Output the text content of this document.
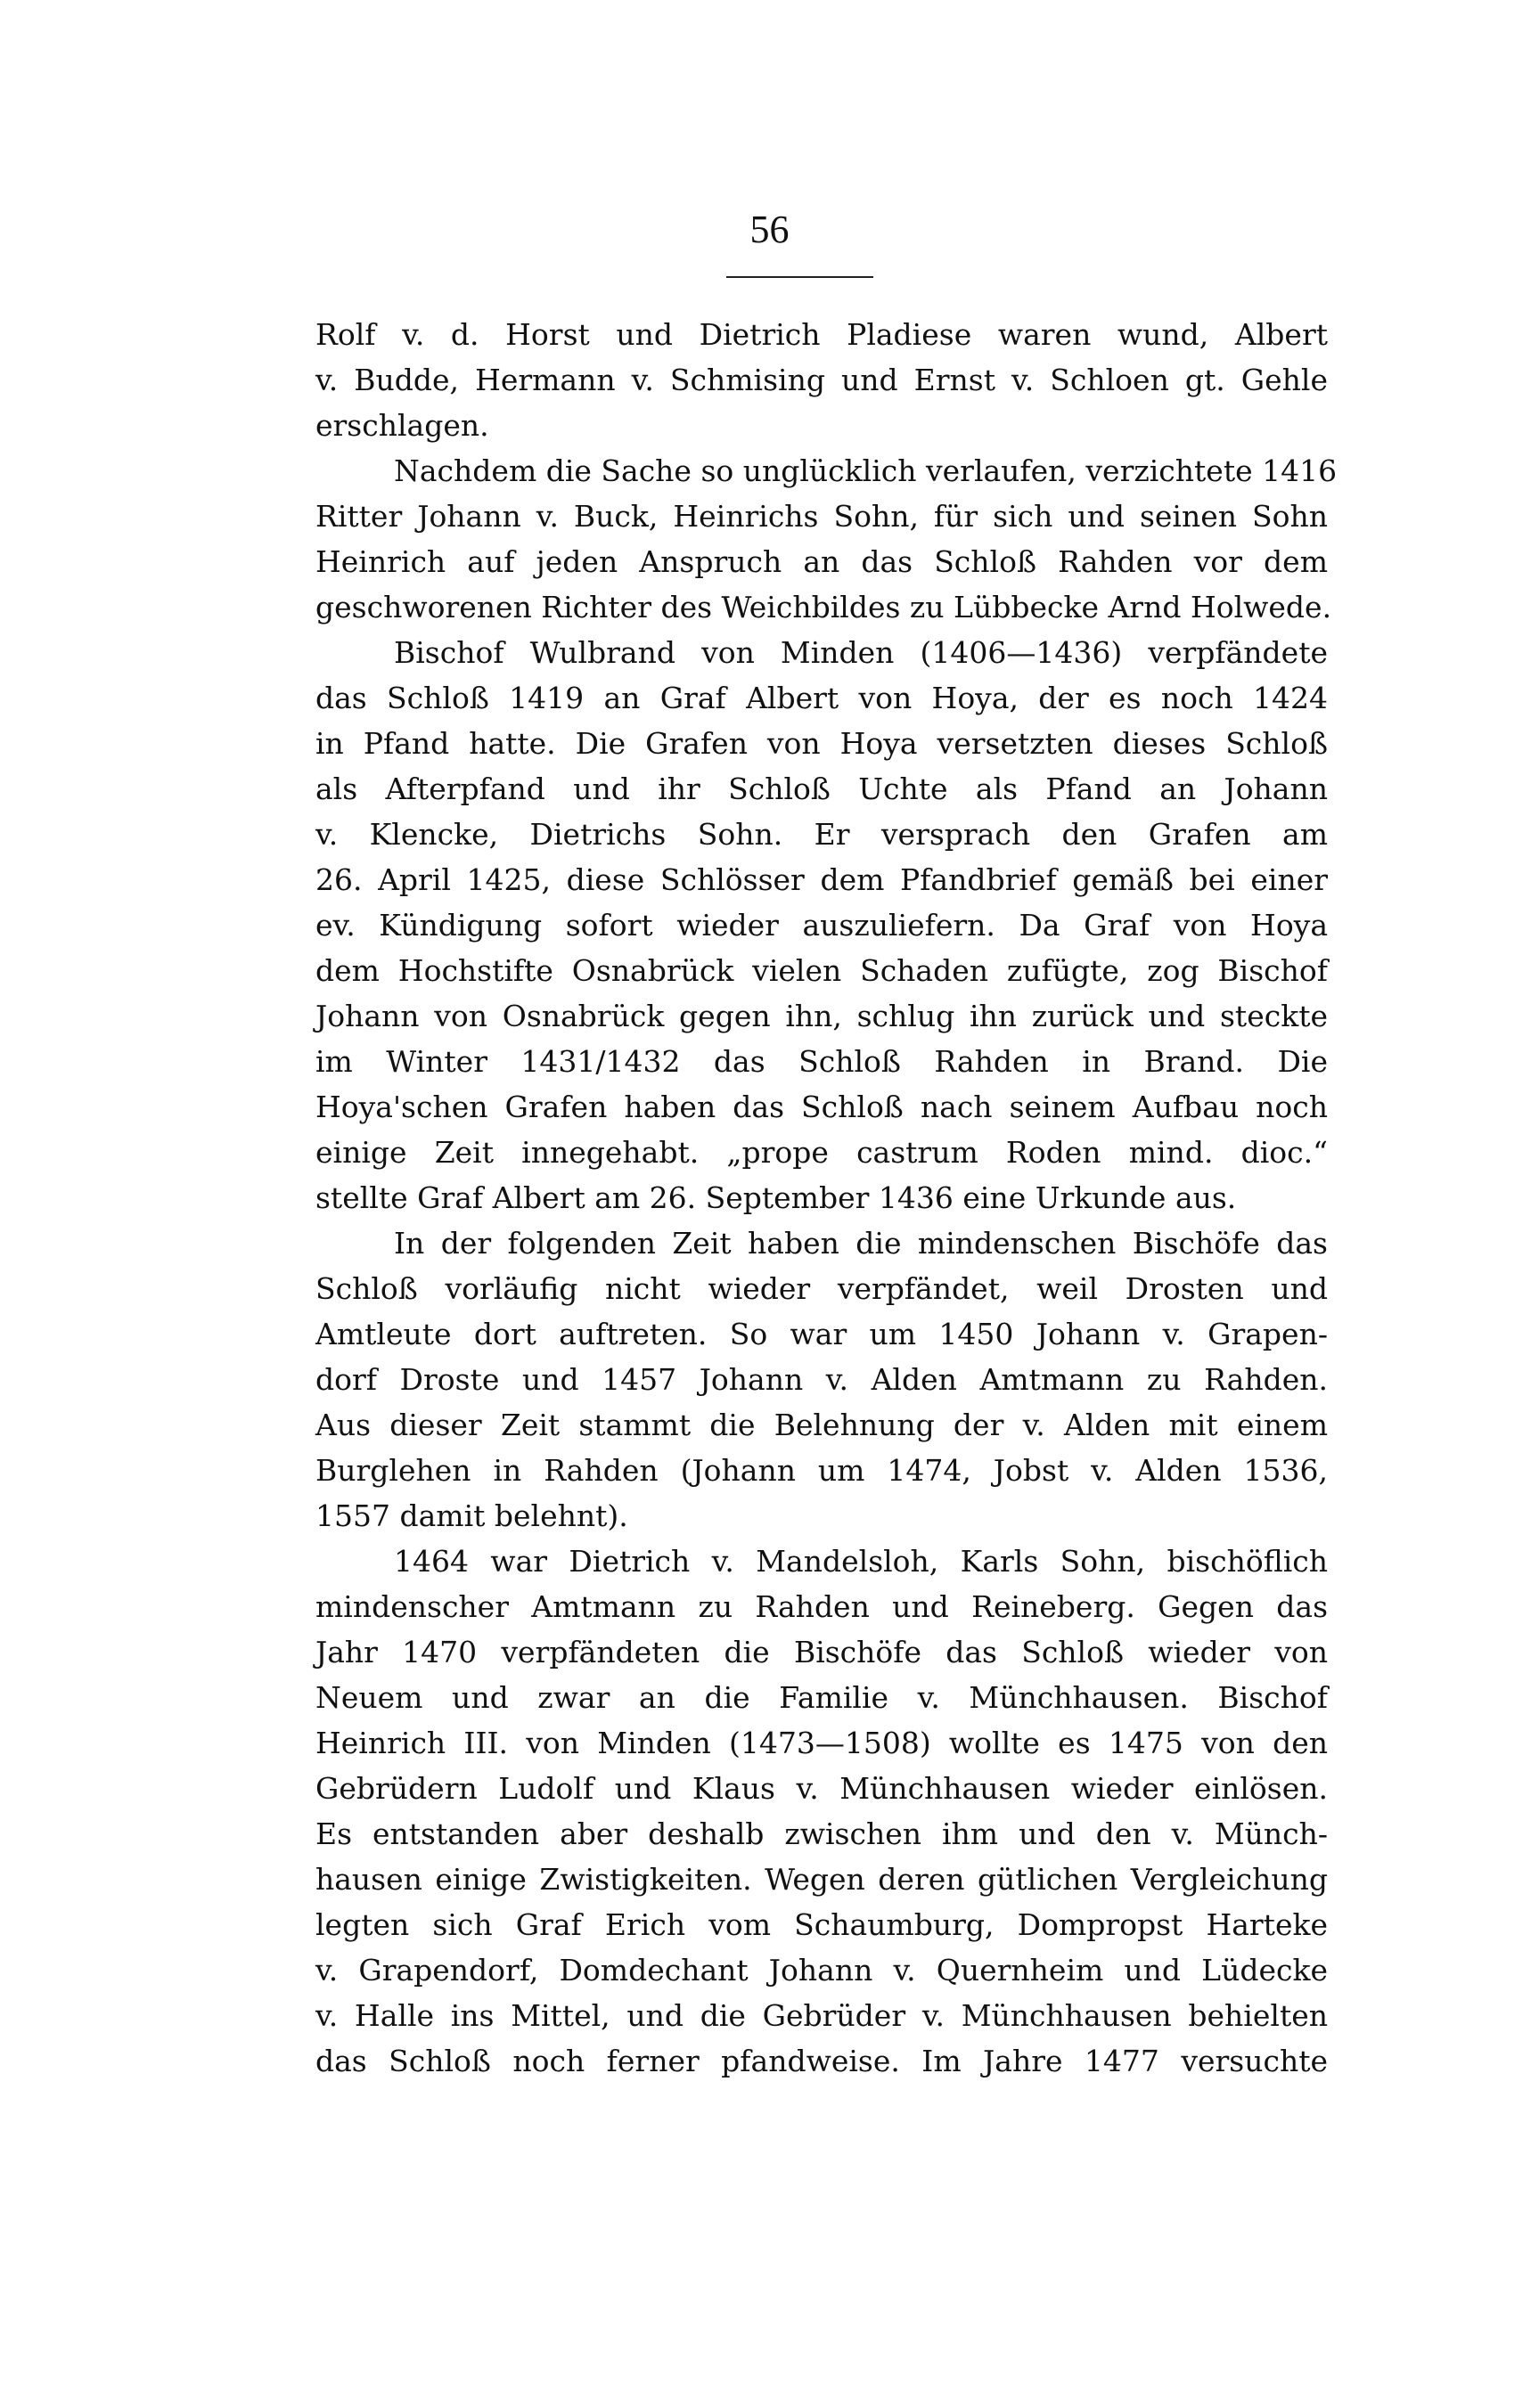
56
Rolf v. d. Horst und Dietrich Pladiese waren wund, Albert
v. Budde, Hermann v. Schmising und Ernst v. Schloen gt. Gehle
erschlagen.
Nachdem die Sache so unglücklich verlaufen, verzichtete 1416
Ritter Johann v. Buck, Heinrichs Sohn, für sich und seinen Sohn
Heinrich auf jeden Anspruch an das Schloß Rahden vor dem
geschworenen Richter des Weichbildes zu Lübbecke Arnd Holwede.
Bischof Wulbrand von Minden (1406—1436) verpfändete
das Schloß 1419 an Graf Albert von Hoya, der es noch 1424
in Pfand hatte. Die Grafen von Hoya versetzten dieses Schloß
als Afterpfand und ihr Schloß Uchte als Pfand an Johann
v. Klencke, Dietrichs Sohn. Er versprach den Grafen am
26. April 1425, diese Schlösser dem Pfandbrief gemäß bei einer
ev. Kündigung sofort wieder auszuliefern. Da Graf von Hoya
dem Hochstifte Osnabrück vielen Schaden zufügte, zog Bischof
Johann von Osnabrück gegen ihn, schlug ihn zurück und steckte
im Winter 1431/1432 das Schloß Rahden in Brand. Die
Hoya'schen Grafen haben das Schloß nach seinem Aufbau noch
einige Zeit innegehabt. „prope castrum Roden mind. dioc.“
stellte Graf Albert am 26. September 1436 eine Urkunde aus.
In der folgenden Zeit haben die mindenschen Bischöfe das
Schloß vorläufig nicht wieder verpfändet, weil Drosten und
Amtleute dort auftreten. So war um 1450 Johann v. Grapen-
dorf Droste und 1457 Johann v. Alden Amtmann zu Rahden.
Aus dieser Zeit stammt die Belehnung der v. Alden mit einem
Burglehen in Rahden (Johann um 1474, Jobst v. Alden 1536,
1557 damit belehnt).
1464 war Dietrich v. Mandelsloh, Karls Sohn, bischöflich
mindenscher Amtmann zu Rahden und Reineberg. Gegen das
Jahr 1470 verpfändeten die Bischöfe das Schloß wieder von
Neuem und zwar an die Familie v. Münchhausen. Bischof
Heinrich III. von Minden (1473—1508) wollte es 1475 von den
Gebrüdern Ludolf und Klaus v. Münchhausen wieder einlösen.
Es entstanden aber deshalb zwischen ihm und den v. Münch-
hausen einige Zwistigkeiten. Wegen deren gütlichen Vergleichung
legten sich Graf Erich vom Schaumburg, Dompropst Harteke
v. Grapendorf, Domdechant Johann v. Quernheim und Lüdecke
v. Halle ins Mittel, und die Gebrüder v. Münchhausen behielten
das Schloß noch ferner pfandweise. Im Jahre 1477 versuchte
